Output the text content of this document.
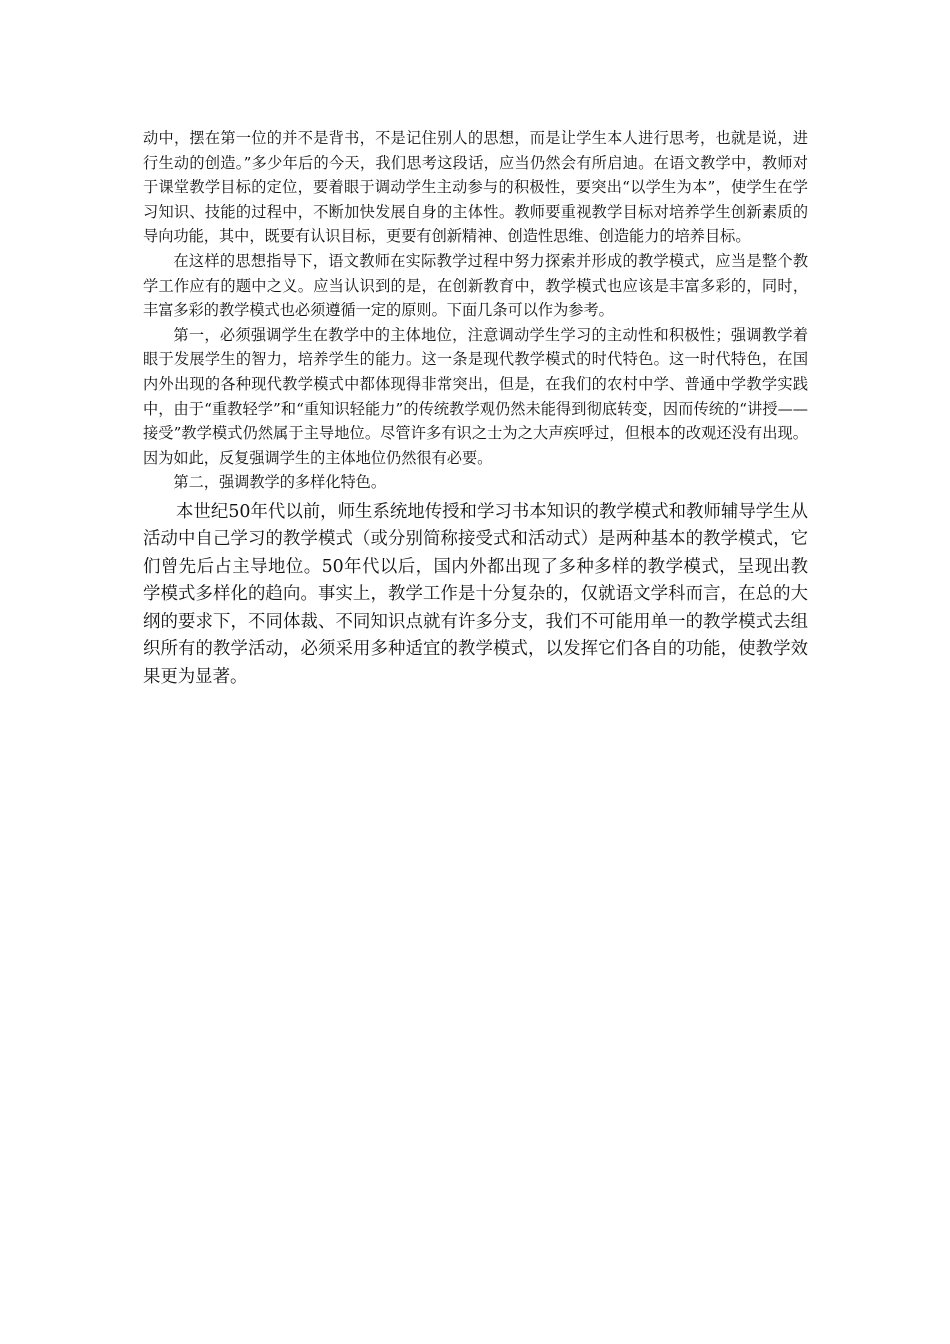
动中，摆在第一位的并不是背书，不是记住别人的思想，而是让学生本人进行思考，也就是说，进行生动的创造。”多少年后的今天，我们思考这段话，应当仍然会有所启迪。在语文教学中，教师对于课堂教学目标的定位，要着眼于调动学生主动参与的积极性，要突出“以学生为本”，使学生在学习知识、技能的过程中，不断加快发展自身的主体性。教师要重视教学目标对培养学生创新素质的导向功能，其中，既要有认识目标，更要有创新精神、创造性思维、创造能力的培养目标。

在这样的思想指导下，语文教师在实际教学过程中努力探索并形成的教学模式，应当是整个教学工作应有的题中之义。应当认识到的是，在创新教育中，教学模式也应该是丰富多彩的，同时，丰富多彩的教学模式也必须遵循一定的原则。下面几条可以作为参考。

第一，必须强调学生在教学中的主体地位，注意调动学生学习的主动性和积极性；强调教学着眼于发展学生的智力，培养学生的能力。这一条是现代教学模式的时代特色。这一时代特色，在国内外出现的各种现代教学模式中都体现得非常突出，但是，在我们的农村中学、普通中学教学实践中，由于“重教轻学”和“重知识轻能力”的传统教学观仍然未能得到彻底转变，因而传统的“讲授——接受”教学模式仍然属于主导地位。尽管许多有识之士为之大声疾呼过，但根本的改观还没有出现。因为如此，反复强调学生的主体地位仍然很有必要。

第二，强调教学的多样化特色。

本世纪50年代以前，师生系统地传授和学习书本知识的教学模式和教师辅导学生从活动中自己学习的教学模式（或分别简称接受式和活动式）是两种基本的教学模式，它们曾先后占主导地位。50年代以后，国内外都出现了多种多样的教学模式，呈现出教学模式多样化的趋向。事实上，教学工作是十分复杂的，仅就语文学科而言，在总的大纲的要求下，不同体裁、不同知识点就有许多分支，我们不可能用单一的教学模式去组织所有的教学活动，必须采用多种适宜的教学模式，以发挥它们各自的功能，使教学效果更为显著。
